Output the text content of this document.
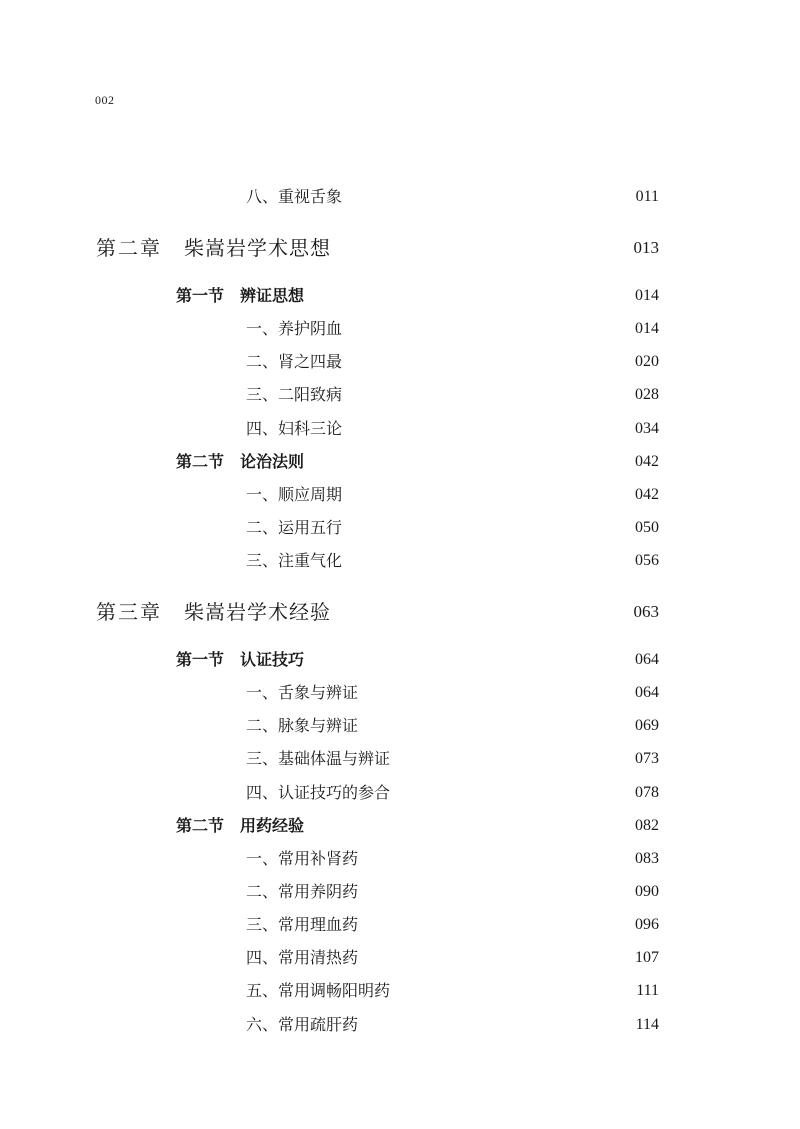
002
八、重视舌象	011
第二章 柴嵩岩学术思想	013
第一节 辨证思想	014
一、养护阴血	014
二、肾之四最	020
三、二阳致病	028
四、妇科三论	034
第二节 论治法则	042
一、顺应周期	042
二、运用五行	050
三、注重气化	056
第三章 柴嵩岩学术经验	063
第一节 认证技巧	064
一、舌象与辨证	064
二、脉象与辨证	069
三、基础体温与辨证	073
四、认证技巧的参合	078
第二节 用药经验	082
一、常用补肾药	083
二、常用养阴药	090
三、常用理血药	096
四、常用清热药	107
五、常用调畅阳明药	111
六、常用疏肝药	114
